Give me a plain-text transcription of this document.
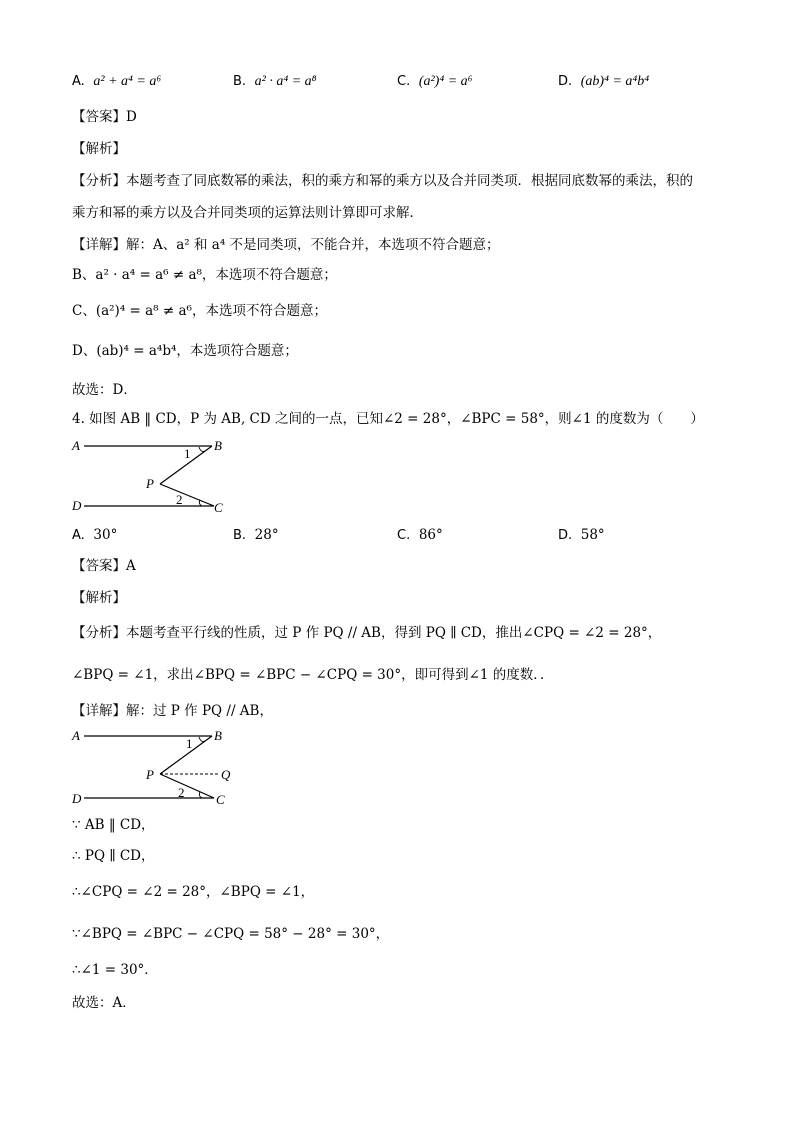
A. a² + a⁴ = a⁶	B. a² · a⁴ = a⁸	C. (a²)⁴ = a⁶	D. (ab)⁴ = a⁴b⁴
【答案】D
【解析】
【分析】本题考查了同底数幂的乘法，积的乘方和幂的乘方以及合并同类项．根据同底数幂的乘法，积的
乘方和幂的乘方以及合并同类项的运算法则计算即可求解．
【详解】解：A、a² 和 a⁴ 不是同类项，不能合并，本选项不符合题意；
B、a² · a⁴ = a⁶ ≠ a⁸，本选项不符合题意；
C、(a²)⁴ = a⁸ ≠ a⁶，本选项不符合题意；
D、(ab)⁴ = a⁴b⁴，本选项符合题意；
故选：D．
4. 如图 AB ‖ CD，P 为 AB, CD 之间的一点，已知∠2 = 28°，∠BPC = 58°，则∠1 的度数为（　　）
A	B
C
D
P
1
2
A. 30°	B. 28°	C. 86°	D. 58°
【答案】A
【解析】
【分析】本题考查平行线的性质，过 P 作 PQ // AB，得到 PQ ∥ CD，推出∠CPQ = ∠2 = 28°，
∠BPQ = ∠1，求出∠BPQ = ∠BPC − ∠CPQ = 30°，即可得到∠1 的度数．．
【详解】解：过 P 作 PQ // AB，
A	B
C
D
P	Q
1
2
∵ AB ‖ CD，
∴ PQ ∥ CD，
∴∠CPQ = ∠2 = 28°，∠BPQ = ∠1，
∵∠BPQ = ∠BPC − ∠CPQ = 58° − 28° = 30°，
∴∠1 = 30°．
故选：A．
